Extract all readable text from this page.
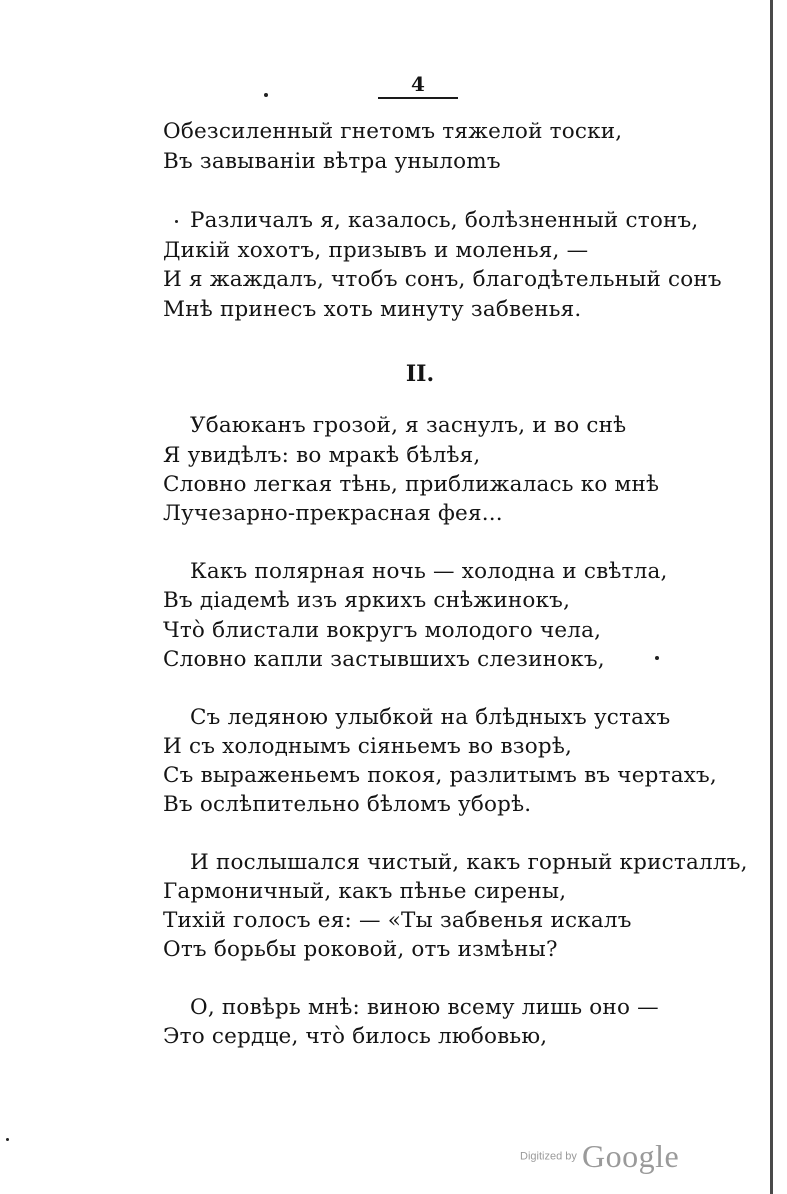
4

Обезсиленный гнетомъ тяжелой тоски,

Въ завываніи вѣтра унылomъ

Различалъ я, казалось, болѣзненный стонъ,

Дикій хохотъ, призывъ и моленья, —

И я жаждалъ, чтобъ сонъ, благодѣтельный сонъ

Мнѣ принесъ хоть минуту забвенья.

II.

Убаюканъ грозой, я заснулъ, и во снѣ

Я увидѣлъ: во мракѣ бѣлѣя,

Словно легкая тѣнь, приближалась ко мнѣ

Лучезарно-прекрасная фея...

Какъ полярная ночь — холодна и свѣтла,

Въ діадемѣ изъ яркихъ снѣжинокъ,

Что̀ блистали вокругъ молодого чела,

Словно капли застывшихъ слезинокъ,

Съ ледяною улыбкой на блѣдныхъ устахъ

И съ холоднымъ сіяньемъ во взорѣ,

Съ выраженьемъ покоя, разлитымъ въ чертахъ,

Въ ослѣпительно бѣломъ уборѣ.

И послышался чистый, какъ горный кристаллъ,

Гармоничный, какъ пѣнье сирены,

Тихій голосъ ея: — «Ты забвенья искалъ

Отъ борьбы роковой, отъ измѣны?

О, повѣрь мнѣ: виною всему лишь оно —

Это сердце, что̀ билось любовью,

Digitized by Google
